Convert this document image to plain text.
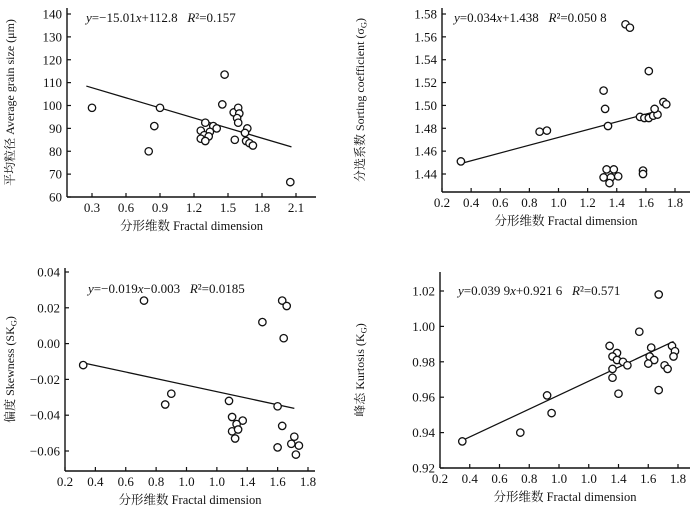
0.3 0.6 0.9 1.2 1.5 1.8 2.1
60
70
80
90
100
110
120
130
140 y=−15.01x+112.8   R²=0.157
分形维数 Fractal dimension
平均粒径 Average grain size (μm)
0.2 0.4 0.6 0.8 1.0 1.2 1.4 1.6 1.8
1.44
1.46
1.48
1.50
1.52
1.54
1.56
1.58 y=0.034x+1.438   R²=0.050 8
分形维数 Fractal dimension
分选系数 Sorting coefficient $(\sigma_G)$
0.2 0.4 0.6 0.8 1.0 1.0 1.4 1.6 1.8
−0.06
−0.04
−0.02
0.00
0.02
0.04
y=−0.019x−0.003   R²=0.0185
分形维数 Fractal dimension
偏度 Skewness $(SK_G)$
0.2 0.4 0.6 0.8 1.0 1.0 1.4 1.6 1.8
0.92
0.94
0.96
0.98
1.00
1.02 y=0.039 9x+0.921 6   R²=0.571
分形维数 Fractal dimension
峰态 Kurtosis $(K_G)$
